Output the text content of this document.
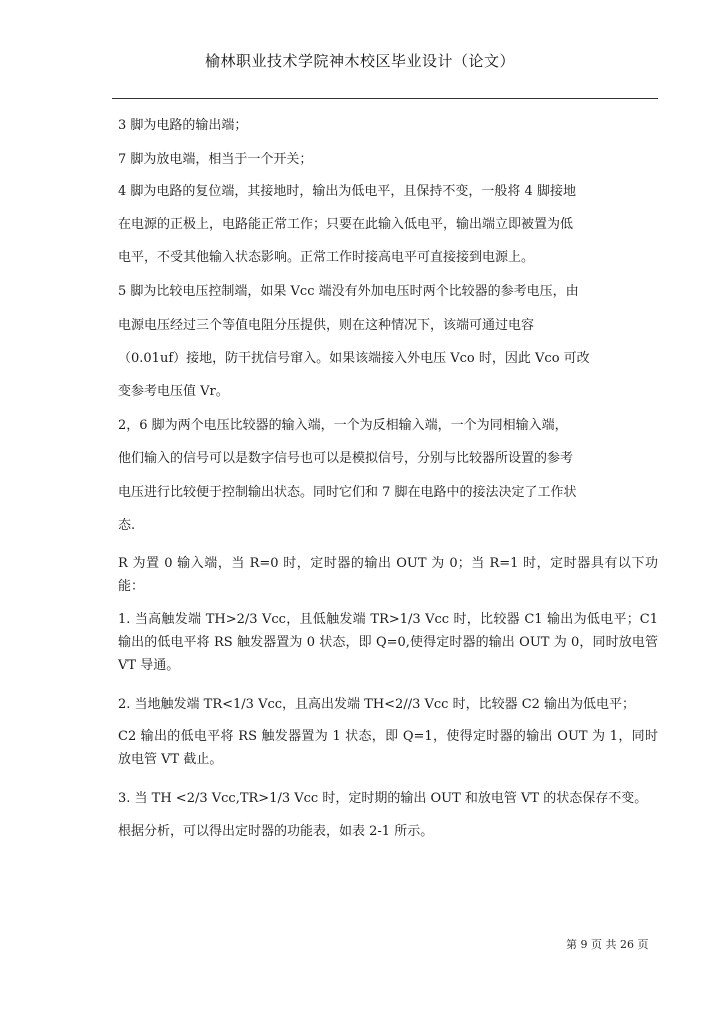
榆林职业技术学院神木校区毕业设计（论文）
3 脚为电路的输出端；
7 脚为放电端，相当于一个开关；
4 脚为电路的复位端，其接地时，输出为低电平，且保持不变，一般将 4 脚接地
在电源的正极上，电路能正常工作；只要在此输入低电平，输出端立即被置为低
电平，不受其他输入状态影响。正常工作时接高电平可直接接到电源上。
5 脚为比较电压控制端，如果 Vcc 端没有外加电压时两个比较器的参考电压，由
电源电压经过三个等值电阻分压提供，则在这种情况下，该端可通过电容
（0.01uf）接地，防干扰信号窜入。如果该端接入外电压 Vco 时，因此 Vco 可改
变参考电压值 Vr。
2，6 脚为两个电压比较器的输入端，一个为反相输入端，一个为同相输入端，
他们输入的信号可以是数字信号也可以是模拟信号，分别与比较器所设置的参考
电压进行比较便于控制输出状态。同时它们和 7 脚在电路中的接法决定了工作状
态.
R 为置 0 输入端，当 R=0 时，定时器的输出 OUT 为 0；当 R=1 时，定时器具有以下功能：
1. 当高触发端 TH>2/3 Vcc，且低触发端 TR>1/3 Vcc 时，比较器 C1 输出为低电平；C1 输出的低电平将 RS 触发器置为 0 状态，即 Q=0,使得定时器的输出 OUT 为 0，同时放电管 VT 导通。
2. 当地触发端 TR<1/3 Vcc，且高出发端 TH<2//3 Vcc 时，比较器 C2 输出为低电平；
C2 输出的低电平将 RS 触发器置为 1 状态，即 Q=1，使得定时器的输出 OUT 为 1，同时放电管 VT 截止。
3. 当 TH <2/3 Vcc,TR>1/3 Vcc 时，定时期的输出 OUT 和放电管 VT 的状态保存不变。
根据分析，可以得出定时器的功能表，如表 2-1 所示。
第 9 页 共 26 页
